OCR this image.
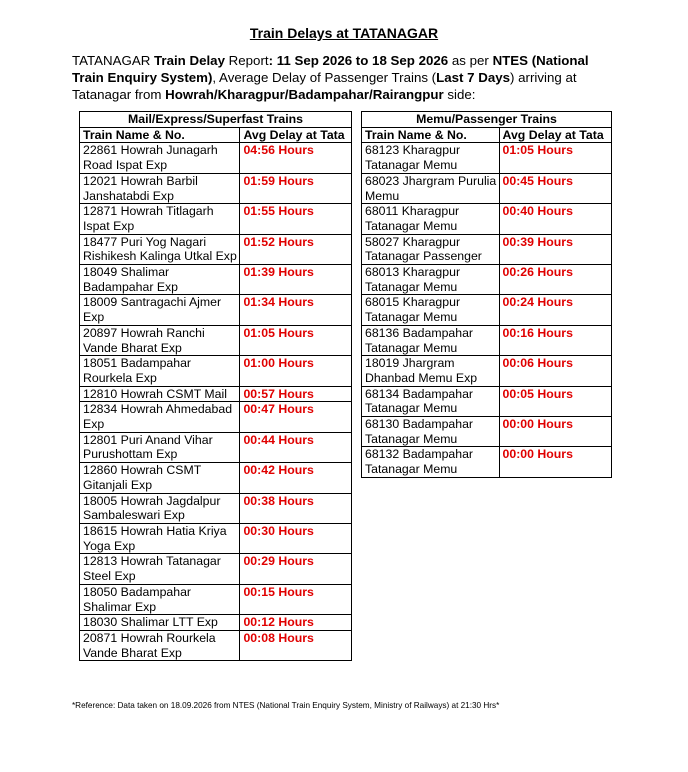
Train Delays at TATANAGAR
TATANAGAR Train Delay Report: 11 Sep 2026 to 18 Sep 2026 as per NTES (National Train Enquiry System), Average Delay of Passenger Trains (Last 7 Days) arriving at Tatanagar from Howrah/Kharagpur/Badampahar/Rairangpur side:
Mail/Express/Superfast Trains	
Train Name & No.	Avg Delay at Tata
22861 Howrah Junagarh Road Ispat Exp	04:56 Hours
12021 Howrah Barbil Janshatabdi Exp	01:59 Hours
12871 Howrah Titlagarh Ispat Exp	01:55 Hours
18477 Puri Yog Nagari Rishikesh Kalinga Utkal Exp	01:52 Hours
18049 Shalimar Badampahar Exp	01:39 Hours
18009 Santragachi Ajmer Exp	01:34 Hours
20897 Howrah Ranchi Vande Bharat Exp	01:05 Hours
18051 Badampahar Rourkela Exp	01:00 Hours
12810 Howrah CSMT Mail	00:57 Hours
12834 Howrah Ahmedabad Exp	00:47 Hours
12801 Puri Anand Vihar Purushottam Exp	00:44 Hours
12860 Howrah CSMT Gitanjali Exp	00:42 Hours
18005 Howrah Jagdalpur Sambaleswari Exp	00:38 Hours
18615 Howrah Hatia Kriya Yoga Exp	00:30 Hours
12813 Howrah Tatanagar Steel Exp	00:29 Hours
18050 Badampahar Shalimar Exp	00:15 Hours
18030 Shalimar LTT Exp	00:12 Hours
20871 Howrah Rourkela Vande Bharat Exp	00:08 Hours
Memu/Passenger Trains	
Train Name & No.	Avg Delay at Tata
68123 Kharagpur Tatanagar Memu	01:05 Hours
68023 Jhargram Purulia Memu	00:45 Hours
68011 Kharagpur Tatanagar Memu	00:40 Hours
58027 Kharagpur Tatanagar Passenger	00:39 Hours
68013 Kharagpur Tatanagar Memu	00:26 Hours
68015 Kharagpur Tatanagar Memu	00:24 Hours
68136 Badampahar Tatanagar Memu	00:16 Hours
18019 Jhargram Dhanbad Memu Exp	00:06 Hours
68134 Badampahar Tatanagar Memu	00:05 Hours
68130 Badampahar Tatanagar Memu	00:00 Hours
68132 Badampahar Tatanagar Memu	00:00 Hours
*Reference: Data taken on 18.09.2026 from NTES (National Train Enquiry System, Ministry of Railways) at 21:30 Hrs*
